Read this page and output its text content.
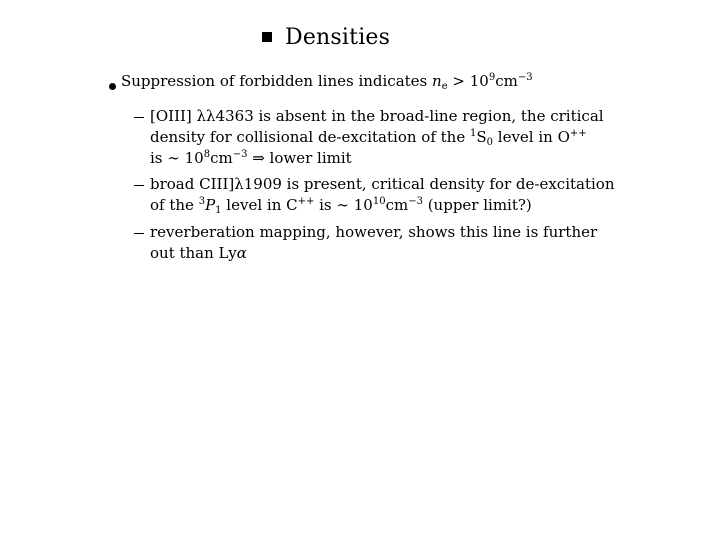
Densities
Suppression of forbidden lines indicates $n_e > 10^9cm^{-3}$
[OIII] λλ4363 is absent in the broad-line region, the critical
density for collisional de-excitation of the $^1S_0$ level in O++
is ∼ $10^8cm^{-3}$ ⇒ lower limit
broad CIII]λ1909 is present, critical density for de-excitation
of the $^3P_1$ level in C++ is ∼ $10^{10}cm^{-3}$ (upper limit?)
reverberation mapping, however, shows this line is further
out than Lyα
